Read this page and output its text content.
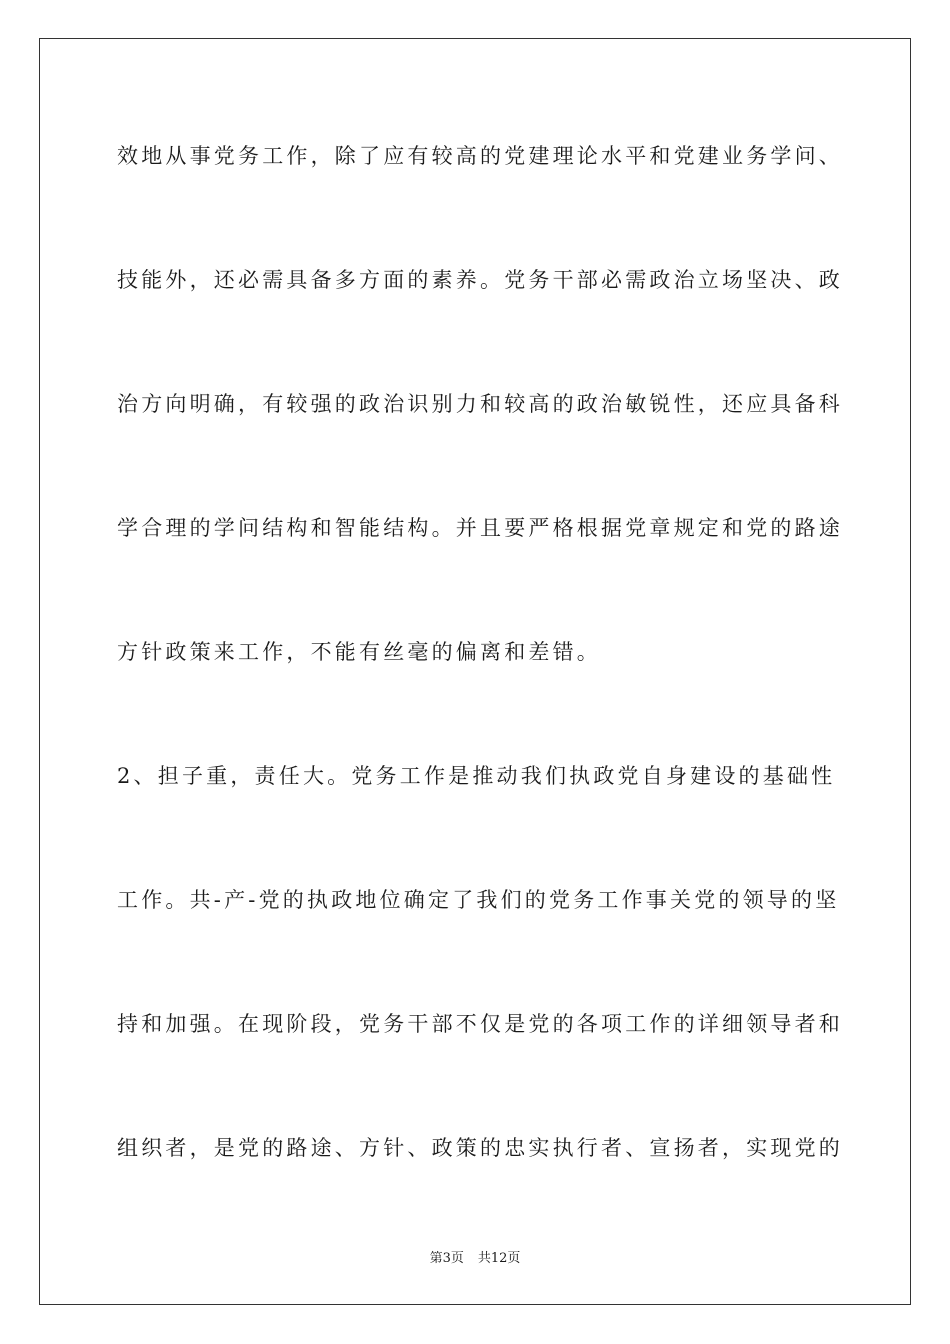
效地从事党务工作，除了应有较高的党建理论水平和党建业务学问、
技能外，还必需具备多方面的素养。党务干部必需政治立场坚决、政
治方向明确，有较强的政治识别力和较高的政治敏锐性，还应具备科
学合理的学问结构和智能结构。并且要严格根据党章规定和党的路途
方针政策来工作，不能有丝毫的偏离和差错。
2、担子重，责任大。党务工作是推动我们执政党自身建设的基础性
工作。共-产-党的执政地位确定了我们的党务工作事关党的领导的坚
持和加强。在现阶段，党务干部不仅是党的各项工作的详细领导者和
组织者，是党的路途、方针、政策的忠实执行者、宣扬者，实现党的
第3页 共12页
